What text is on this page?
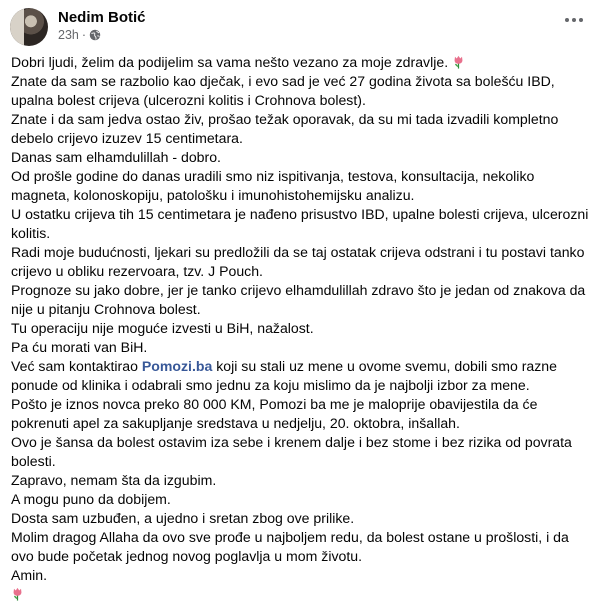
Nedim Botić
23h ·

Dobri ljudi, želim da podijelim sa vama nešto vezano za moje zdravlje.

Znate da sam se razbolio kao dječak, i evo sad je već 27 godina života sa bolešću IBD, upalna bolest crijeva (ulcerozni kolitis i Crohnova bolest).

Znate i da sam jedva ostao živ, prošao težak oporavak, da su mi tada izvadili kompletno debelo crijevo izuzev 15 centimetara.

Danas sam elhamdulillah - dobro.

Od prošle godine do danas uradili smo niz ispitivanja, testova, konsultacija, nekoliko magneta, kolonoskopiju, patološku i imunohistohemijsku analizu.

U ostatku crijeva tih 15 centimetara je nađeno prisustvo IBD, upalne bolesti crijeva, ulcerozni kolitis.

Radi moje budućnosti, ljekari su predložili da se taj ostatak crijeva odstrani i tu postavi tanko crijevo u obliku rezervoara, tzv. J Pouch.

Prognoze su jako dobre, jer je tanko crijevo elhamdulillah zdravo što je jedan od znakova da nije u pitanju Crohnova bolest.

Tu operaciju nije moguće izvesti u BiH, nažalost.

Pa ću morati van BiH.

Već sam kontaktirao Pomozi.ba koji su stali uz mene u ovome svemu, dobili smo razne ponude od klinika i odabrali smo jednu za koju mislimo da je najbolji izbor za mene.

Pošto je iznos novca preko 80 000 KM, Pomozi ba me je maloprije obavijestila da će pokrenuti apel za sakupljanje sredstava u nedjelju, 20. oktobra, inšallah.

Ovo je šansa da bolest ostavim iza sebe i krenem dalje i bez stome i bez rizika od povrata bolesti.

Zapravo, nemam šta da izgubim.

A mogu puno da dobijem.

Dosta sam uzbuđen, a ujedno i sretan zbog ove prilike.

Molim dragog Allaha da ovo sve prođe u najboljem redu, da bolest ostane u prošlosti, i da ovo bude početak jednog novog poglavlja u mom životu.

Amin.
